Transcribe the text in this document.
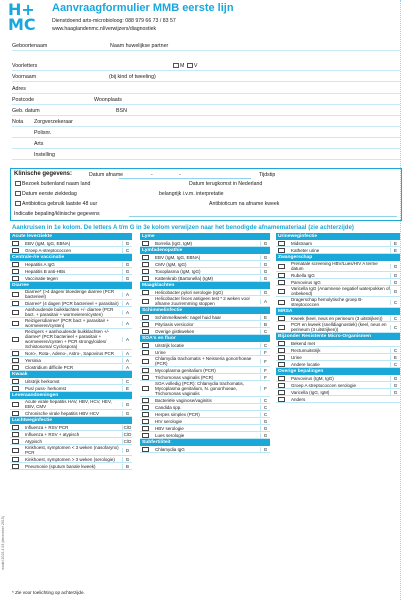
H+
MC
Aanvraagformulier MMB eerste lijn
Dienstdoend arts-microbioloog: 088 979 66 73 / 83 57
www.haaglandenmc.nl/verwijzers/diagnostiek
Geboortenaam	Naam huwelijkse partner
Voorletters	M V
Voornaam	(bij kind of tweeling)
Adres
Postcode	Woonplaats
Geb. datum	BSN
Nota Zorgverzekeraar
Polisnr.
Arts
Instelling
Klinische gegevens:	Datum afname	-	-	Tijdstip
Bezoek buitenland naam land	Datum terugkomst in Nederland
Datum eerste ziektedag	belangrijk i.v.m. interpretatie
Antibiotica gebruik laatste 48 uur	Antibioticum na afname kweek
Indicatie bepaling/klinische gegevens
Aankruisen in 1e kolom. De letters A t/m G in 3e kolom verwijzen naar het benodigde afnamemateriaal (zie achterzijde)
Acute leverziekte
EBV (IgM, IgG, EBNA)	G
Groep A-streptococcen	C
Centrale-/re vaccinatie
Hepatitis A IgG	G
Hepatitis B anti-HBs	G
Vaccinatie tegen	G
Diarree
Diarree* (>4 dagen/ bloederige diarree (PCR bacterieel)	A
Diarree* (4 dagen (PCR bacterieel + parasitair)	A
Aanhoudende buikklachten +/- diarree (PCR bact. + parasitair + wormeieren/cysten)	A
Reizigersdiarree* (PCR bact + parasitair + wormeieren/cysten)	A
Reizigers + aanhoudende buikklachten +/- diarree* (PCR bacterieel + parasitair + wormeieren/cysten + PCR strongyloides/ Schistosoma/ Cyclospora)
A
Noro-, Rota-, Adeno-, Astro-, Sapovirus PCR	A
Yersinia	A
Clostridium difficile PCR	A
Kwaak
Uitstrijk herkomst	C
Pus/ puss- herkomst	E
Leveraandoeningen
Acute virale hepatitis HAV, HBV, HCV, HEV, EBV, CMV	G
Chronische virale hepatitis HBV HCV	G
Luchtweginfectie
Influenza + RSV PCR	C/D
Influenza + RSV + atypisch	C/D
Atypisch	C/D
Kinkhoest, symptomen < 3 weken (nasofarynx) PCR	D
Kinkhoest, symptomen > 3 weken (serologie)	G
Pneumonie (sputum banale kweek)	B
Lyme
Borrelia (IgG, IgM)	G
Lymfadenopathie
EBV (IgM, IgG, EBNA)	G
CMV (IgM, IgG)	G
Toxoplasma (IgM, IgG)	G
Kattenkrab (Bartonella) (IgM)	G
Maagklachten
Helicobacter pylori serologie (IgG)	G
Helicobacter feces antigeen test * 2 weken voor afname zuurremming stoppen	A
Schimmelinfectie
Schimmelkweek: nagel huid haar	E
Pityriasis versicolor	B
Overige gistkweken	C
SOA's en fluor
Uitstrijk locatie	C
Urine	F
Chlamydia trachomatis + Neisseria gonorrhoeae (PCR)	F
Mycoplasma genitalium (PCR)	F
Trichomonas vaginalis (PCR)	F
SOA volledig (PCR): Chlamydia trachomatis, Mycoplasma genitalium, N. gonorrhoeae, Trichomonas vaginalis
F
Bacteriële vaginose/vaginitis	C
Candida spp.	C
Herpes simplex (PCR)	C
HIV serologie	G
HBV serologie	G
Lues serologie	G
Subfertiliteit
Chlamydia IgG	G
Urineweginfectie
Midstraam	E
Katheter urine	E
Zwangerschap
Prenatale screening HBV/Lues/HIV A terme datum	G
Rubella IgG	G
Parvovirus IgG	G
Varicella IgG (Anamnese negatief waterpokken of onbekend)	G
Dragerschap hemolytische groep B-streptococcen	C
MRSA
Kweek (keel, neus en perineum (3 uitstrijken))	C
PCR en kweek (snelldiagnostiek) (keel, neus en perineum (3 uitstrijken))	C
Bijzonder Resistente Micro-Organismen
Bekend met
Rectumuitstrijk	C
Urine	E
Andere locatie	C
Overige bepalingen
Parvovirus (IgM, IgG)	G
Groep A streptococcen serologie	G
Varicella (IgG, IgM)	G
Anders
* Zie voor toelichting op achterzijde.
model 2015-4 03 (december 2015)
